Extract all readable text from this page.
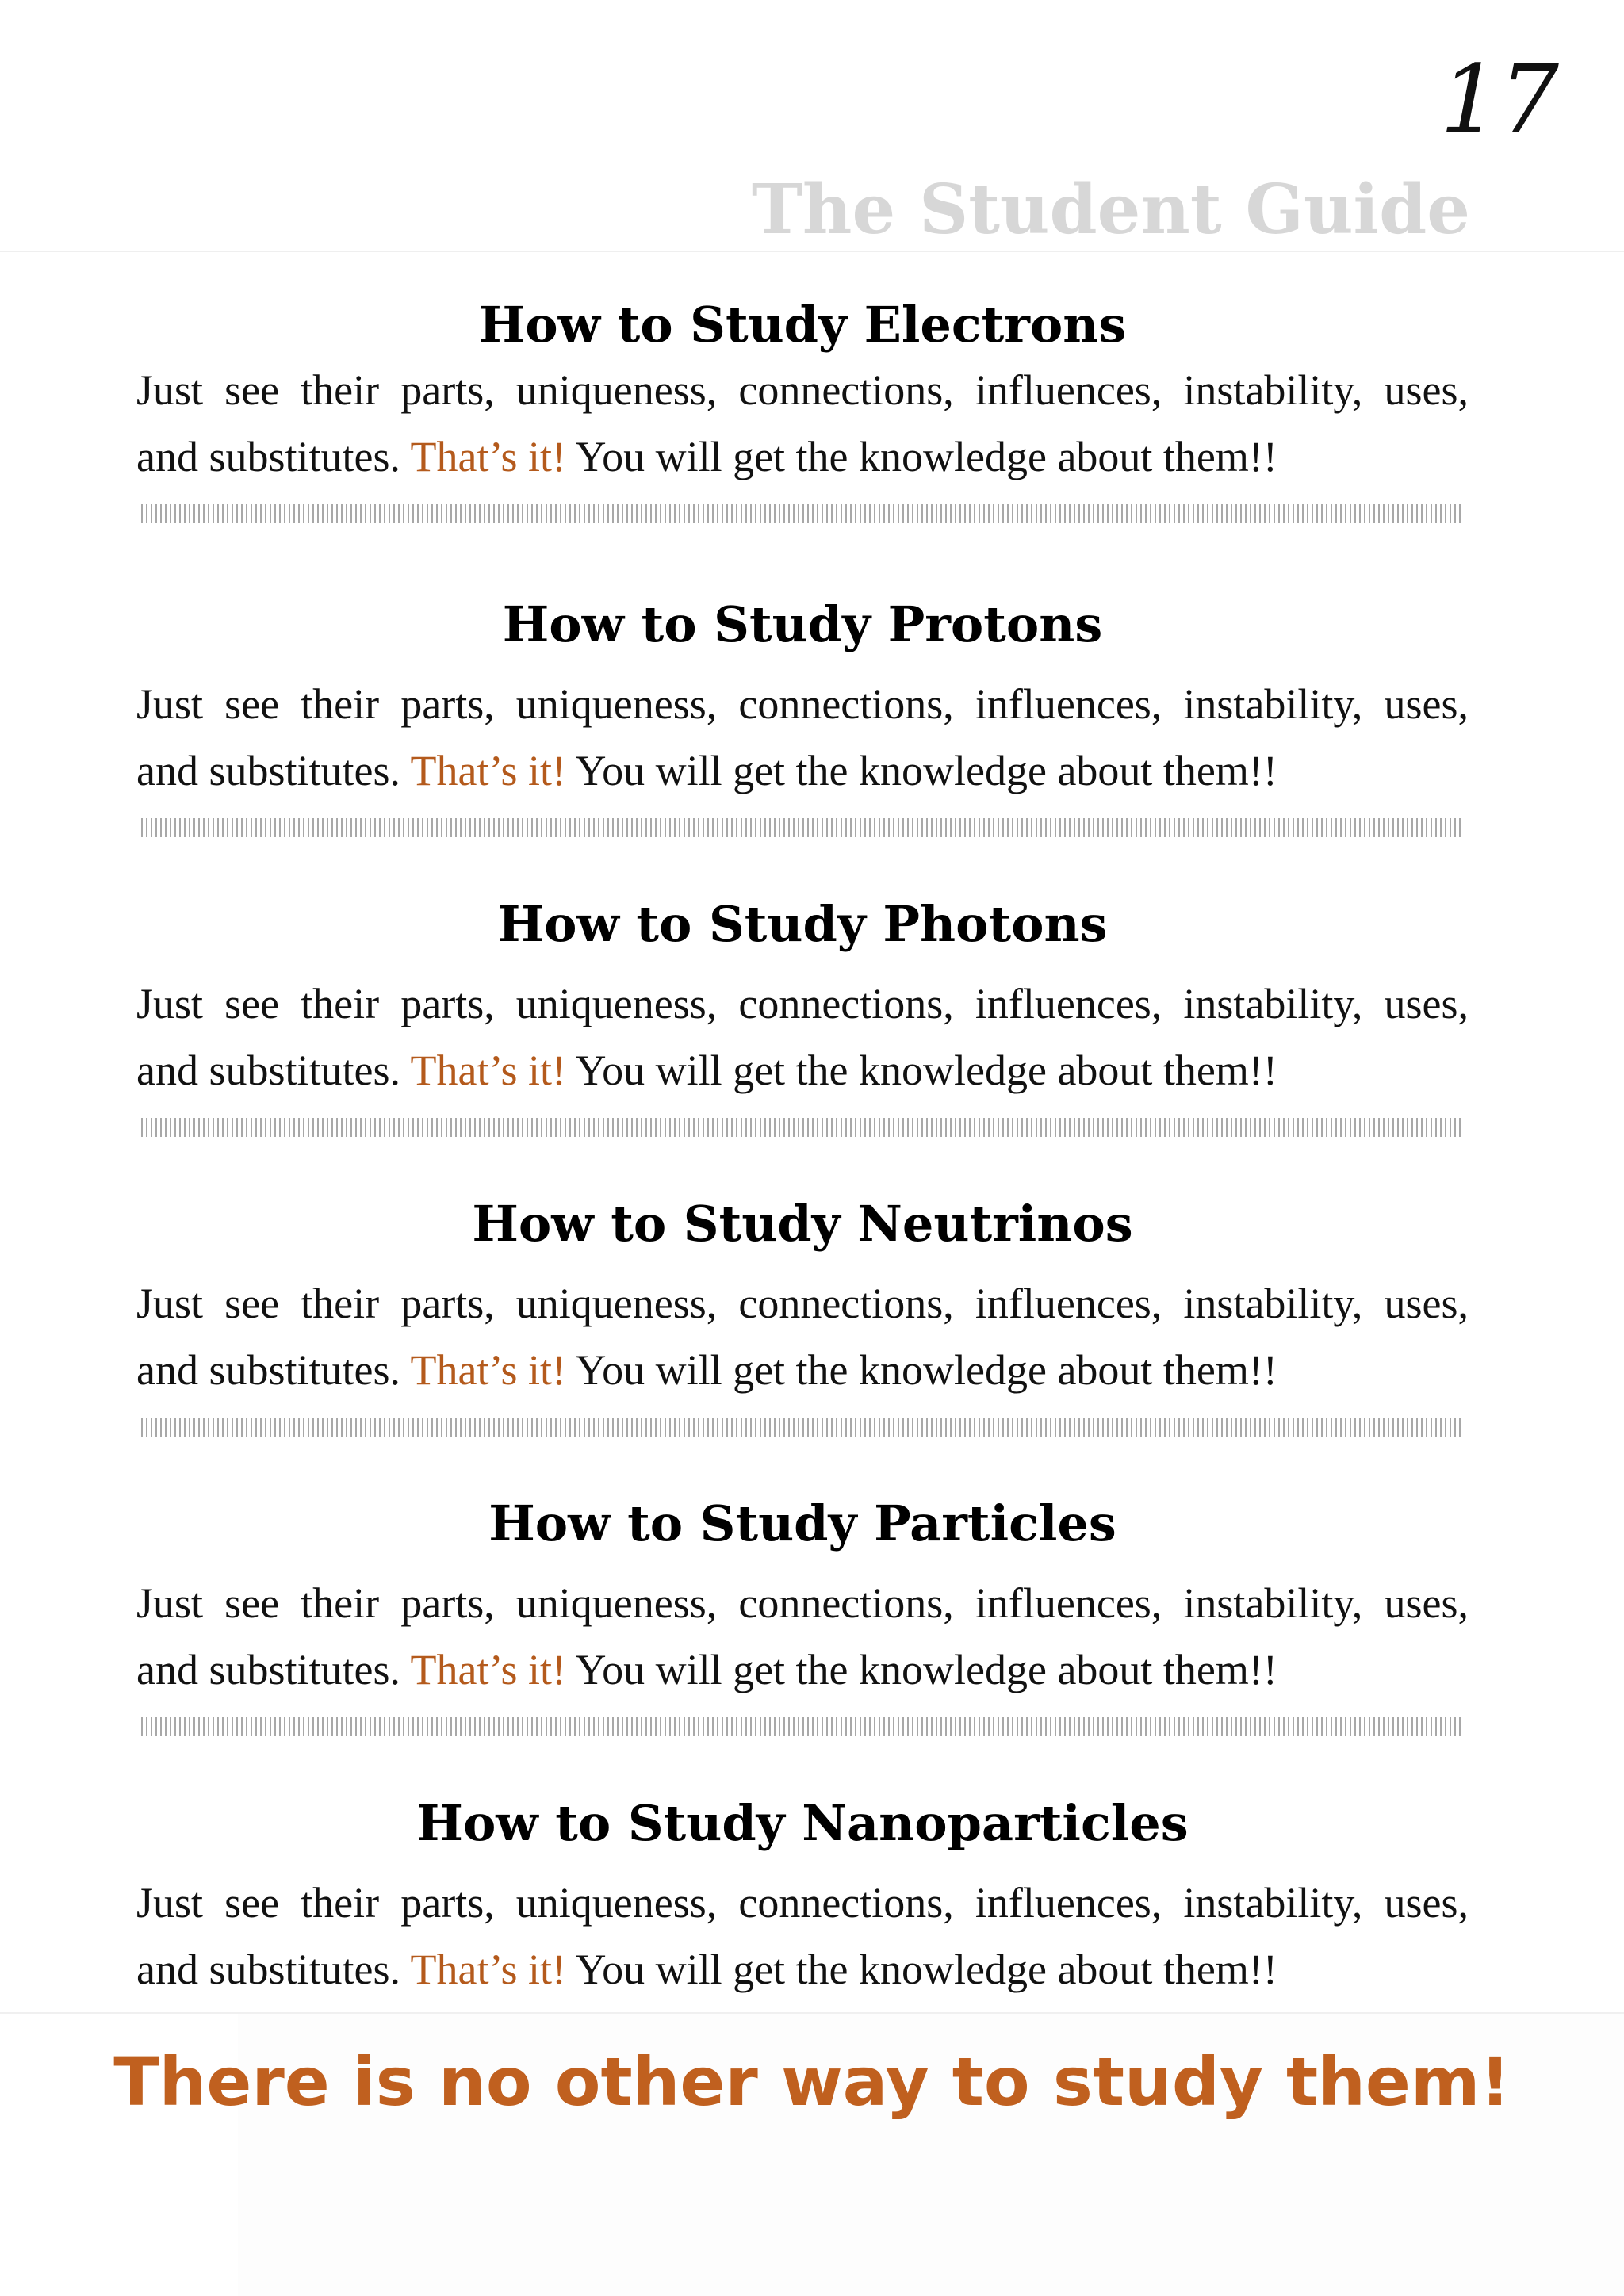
17

The Student Guide

How to Study Electrons

Just see their parts, uniqueness, connections, influences, instability, uses,
and substitutes. That’s it! You will get the knowledge about them!!

How to Study Protons

Just see their parts, uniqueness, connections, influences, instability, uses,
and substitutes. That’s it! You will get the knowledge about them!!

How to Study Photons

Just see their parts, uniqueness, connections, influences, instability, uses,
and substitutes. That’s it! You will get the knowledge about them!!

How to Study Neutrinos

Just see their parts, uniqueness, connections, influences, instability, uses,
and substitutes. That’s it! You will get the knowledge about them!!

How to Study Particles

Just see their parts, uniqueness, connections, influences, instability, uses,
and substitutes. That’s it! You will get the knowledge about them!!

How to Study Nanoparticles

Just see their parts, uniqueness, connections, influences, instability, uses,
and substitutes. That’s it! You will get the knowledge about them!!

There is no other way to study them!
